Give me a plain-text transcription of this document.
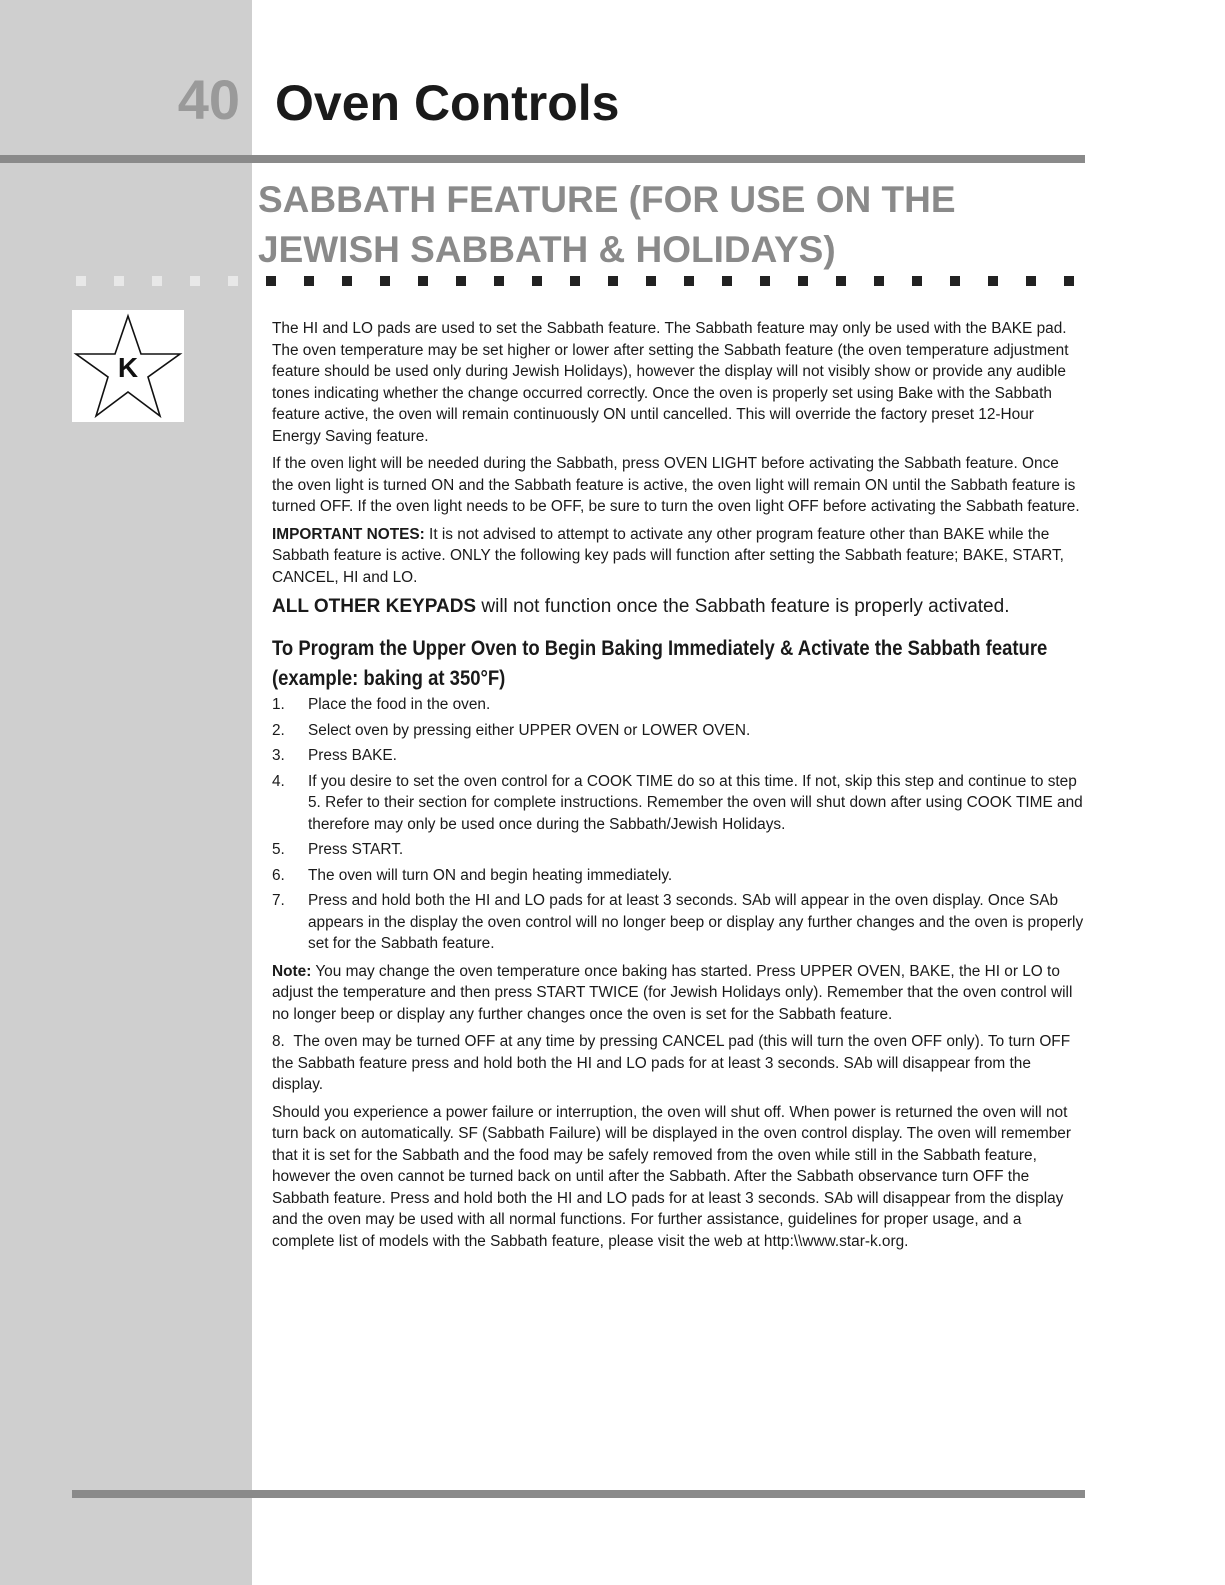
40 Oven Controls
SABBATH FEATURE (FOR USE ON THE JEWISH SABBATH & HOLIDAYS)
K

The HI and LO pads are used to set the Sabbath feature. The Sabbath feature may only be used with the BAKE pad. The oven temperature may be set higher or lower after setting the Sabbath feature (the oven temperature adjustment feature should be used only during Jewish Holidays), however the display will not visibly show or provide any audible tones indicating whether the change occurred correctly. Once the oven is properly set using Bake with the Sabbath feature active, the oven will remain continuously ON until cancelled. This will override the factory preset 12-Hour Energy Saving feature.

If the oven light will be needed during the Sabbath, press OVEN LIGHT before activating the Sabbath feature. Once the oven light is turned ON and the Sabbath feature is active, the oven light will remain ON until the Sabbath feature is turned OFF. If the oven light needs to be OFF, be sure to turn the oven light OFF before activating the Sabbath feature.

IMPORTANT NOTES: It is not advised to attempt to activate any other program feature other than BAKE while the Sabbath feature is active. ONLY the following key pads will function after setting the Sabbath feature; BAKE, START, CANCEL, HI and LO.

ALL OTHER KEYPADS will not function once the Sabbath feature is properly activated.

To Program the Upper Oven to Begin Baking Immediately & Activate the Sabbath feature (example: baking at 350°F)

1. Place the food in the oven.
2. Select oven by pressing either UPPER OVEN or LOWER OVEN.
3. Press BAKE.
4. If you desire to set the oven control for a COOK TIME do so at this time. If not, skip this step and continue to step 5. Refer to their section for complete instructions. Remember the oven will shut down after using COOK TIME and therefore may only be used once during the Sabbath/Jewish Holidays.
5. Press START.
6. The oven will turn ON and begin heating immediately.
7. Press and hold both the HI and LO pads for at least 3 seconds. SAb will appear in the oven display. Once SAb appears in the display the oven control will no longer beep or display any further changes and the oven is properly set for the Sabbath feature.

Note: You may change the oven temperature once baking has started. Press UPPER OVEN, BAKE, the HI or LO to adjust the temperature and then press START TWICE (for Jewish Holidays only). Remember that the oven control will no longer beep or display any further changes once the oven is set for the Sabbath feature.

8. The oven may be turned OFF at any time by pressing CANCEL pad (this will turn the oven OFF only). To turn OFF the Sabbath feature press and hold both the HI and LO pads for at least 3 seconds. SAb will disappear from the display.

Should you experience a power failure or interruption, the oven will shut off. When power is returned the oven will not turn back on automatically. SF (Sabbath Failure) will be displayed in the oven control display. The oven will remember that it is set for the Sabbath and the food may be safely removed from the oven while still in the Sabbath feature, however the oven cannot be turned back on until after the Sabbath. After the Sabbath observance turn OFF the Sabbath feature. Press and hold both the HI and LO pads for at least 3 seconds. SAb will disappear from the display and the oven may be used with all normal functions. For further assistance, guidelines for proper usage, and a complete list of models with the Sabbath feature, please visit the web at http:\\www.star-k.org.
